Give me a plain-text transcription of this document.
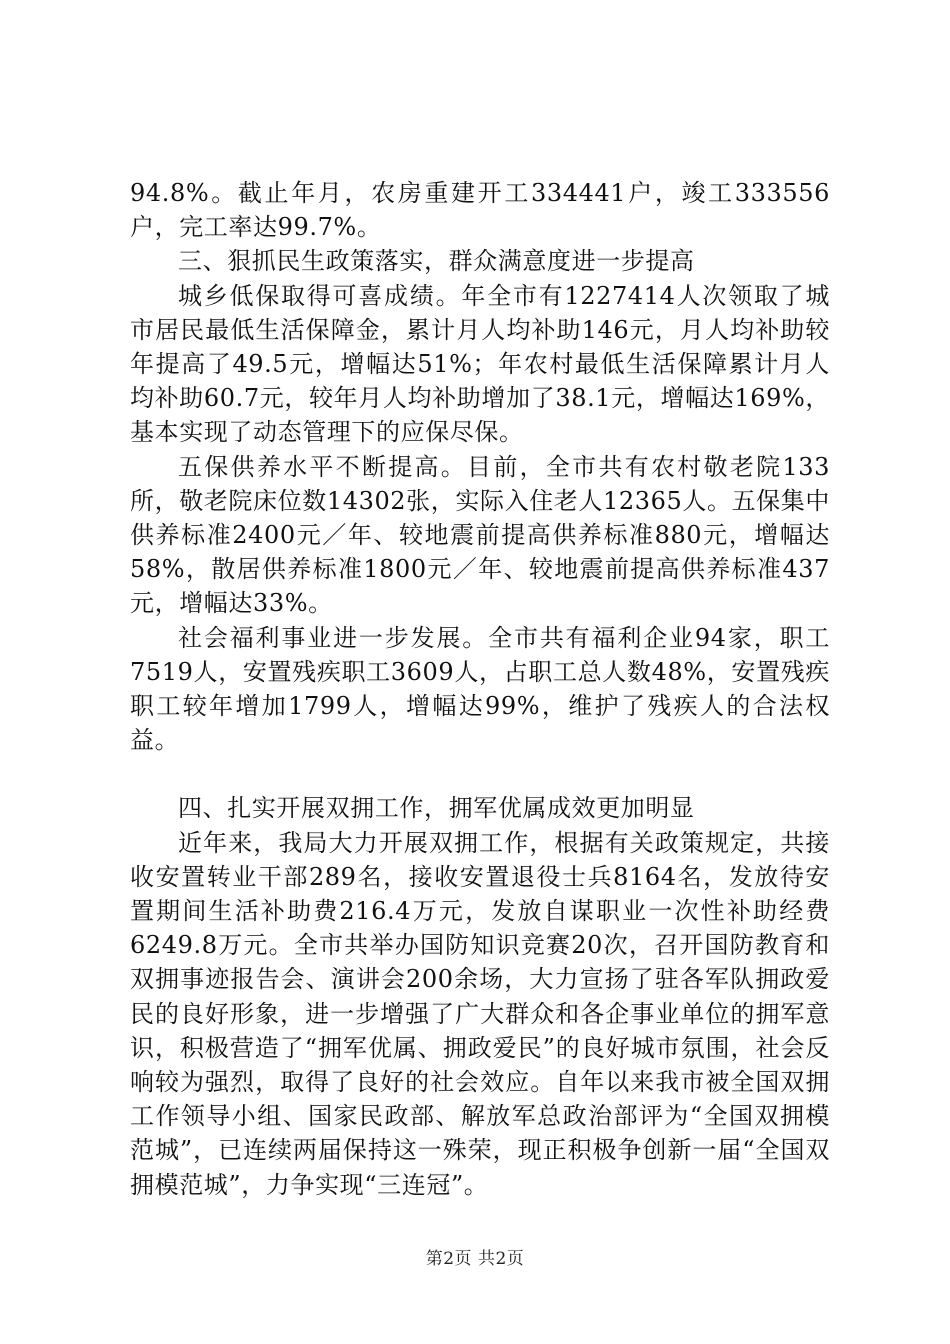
94.8%。截止年月，农房重建开工334441户，竣工333556户，完工率达99.7%。

三、狠抓民生政策落实，群众满意度进一步提高

城乡低保取得可喜成绩。年全市有1227414人次领取了城市居民最低生活保障金，累计月人均补助146元，月人均补助较年提高了49.5元，增幅达51%；年农村最低生活保障累计月人均补助60.7元，较年月人均补助增加了38.1元，增幅达169%，基本实现了动态管理下的应保尽保。

五保供养水平不断提高。目前，全市共有农村敬老院133所，敬老院床位数14302张，实际入住老人12365人。五保集中供养标准2400元／年、较地震前提高供养标准880元，增幅达58%，散居供养标准1800元／年、较地震前提高供养标准437元，增幅达33%。

社会福利事业进一步发展。全市共有福利企业94家，职工7519人，安置残疾职工3609人，占职工总人数48%，安置残疾职工较年增加1799人，增幅达99%，维护了残疾人的合法权益。

四、扎实开展双拥工作，拥军优属成效更加明显

近年来，我局大力开展双拥工作，根据有关政策规定，共接收安置转业干部289名，接收安置退役士兵8164名，发放待安置期间生活补助费216.4万元，发放自谋职业一次性补助经费6249.8万元。全市共举办国防知识竞赛20次，召开国防教育和双拥事迹报告会、演讲会200余场，大力宣扬了驻各军队拥政爱民的良好形象，进一步增强了广大群众和各企事业单位的拥军意识，积极营造了“拥军优属、拥政爱民”的良好城市氛围，社会反响较为强烈，取得了良好的社会效应。自年以来我市被全国双拥工作领导小组、国家民政部、解放军总政治部评为“全国双拥模范城”，已连续两届保持这一殊荣，现正积极争创新一届“全国双拥模范城”，力争实现“三连冠”。

第2页 共2页
